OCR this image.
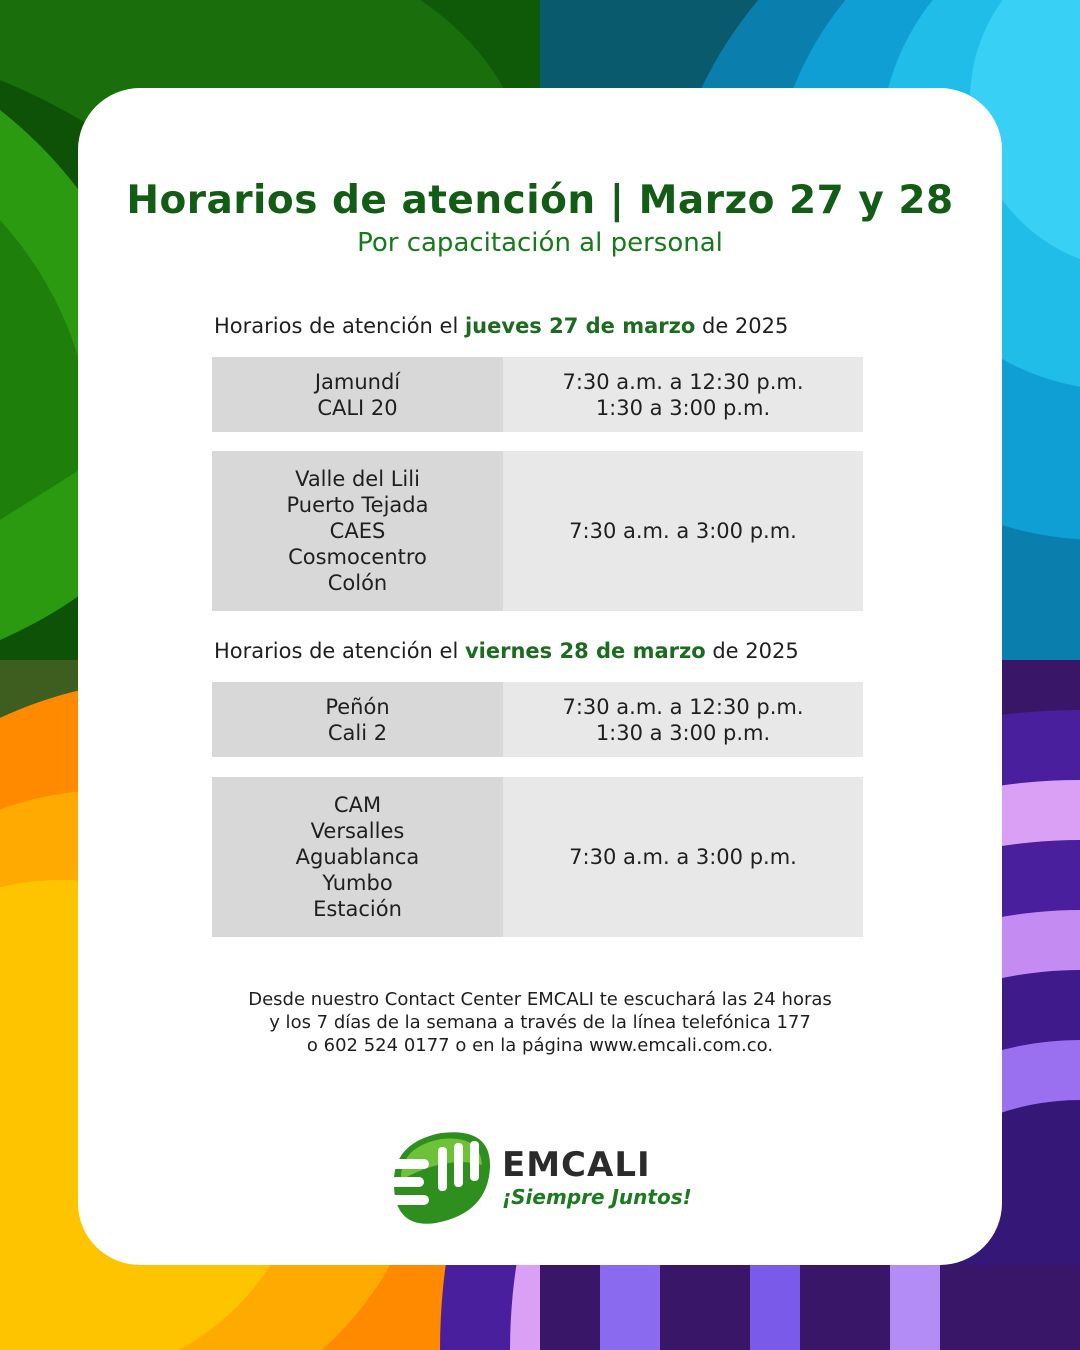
Horarios de atención | Marzo 27 y 28
Por capacitación al personal
Horarios de atención el jueves 27 de marzo de 2025
Jamundí
CALI 20
7:30 a.m. a 12:30 p.m.
1:30 a 3:00 p.m.
Valle del Lili
Puerto Tejada
CAES
Cosmocentro
Colón
7:30 a.m. a 3:00 p.m.
Horarios de atención el viernes 28 de marzo de 2025
Peñón
Cali 2
7:30 a.m. a 12:30 p.m.
1:30 a 3:00 p.m.
CAM
Versalles
Aguablanca
Yumbo
Estación
7:30 a.m. a 3:00 p.m.
Desde nuestro Contact Center EMCALI te escuchará las 24 horas
y los 7 días de la semana a través de la línea telefónica 177
o 602 524 0177 o en la página www.emcali.com.co.
EMCALI
¡Siempre Juntos!
